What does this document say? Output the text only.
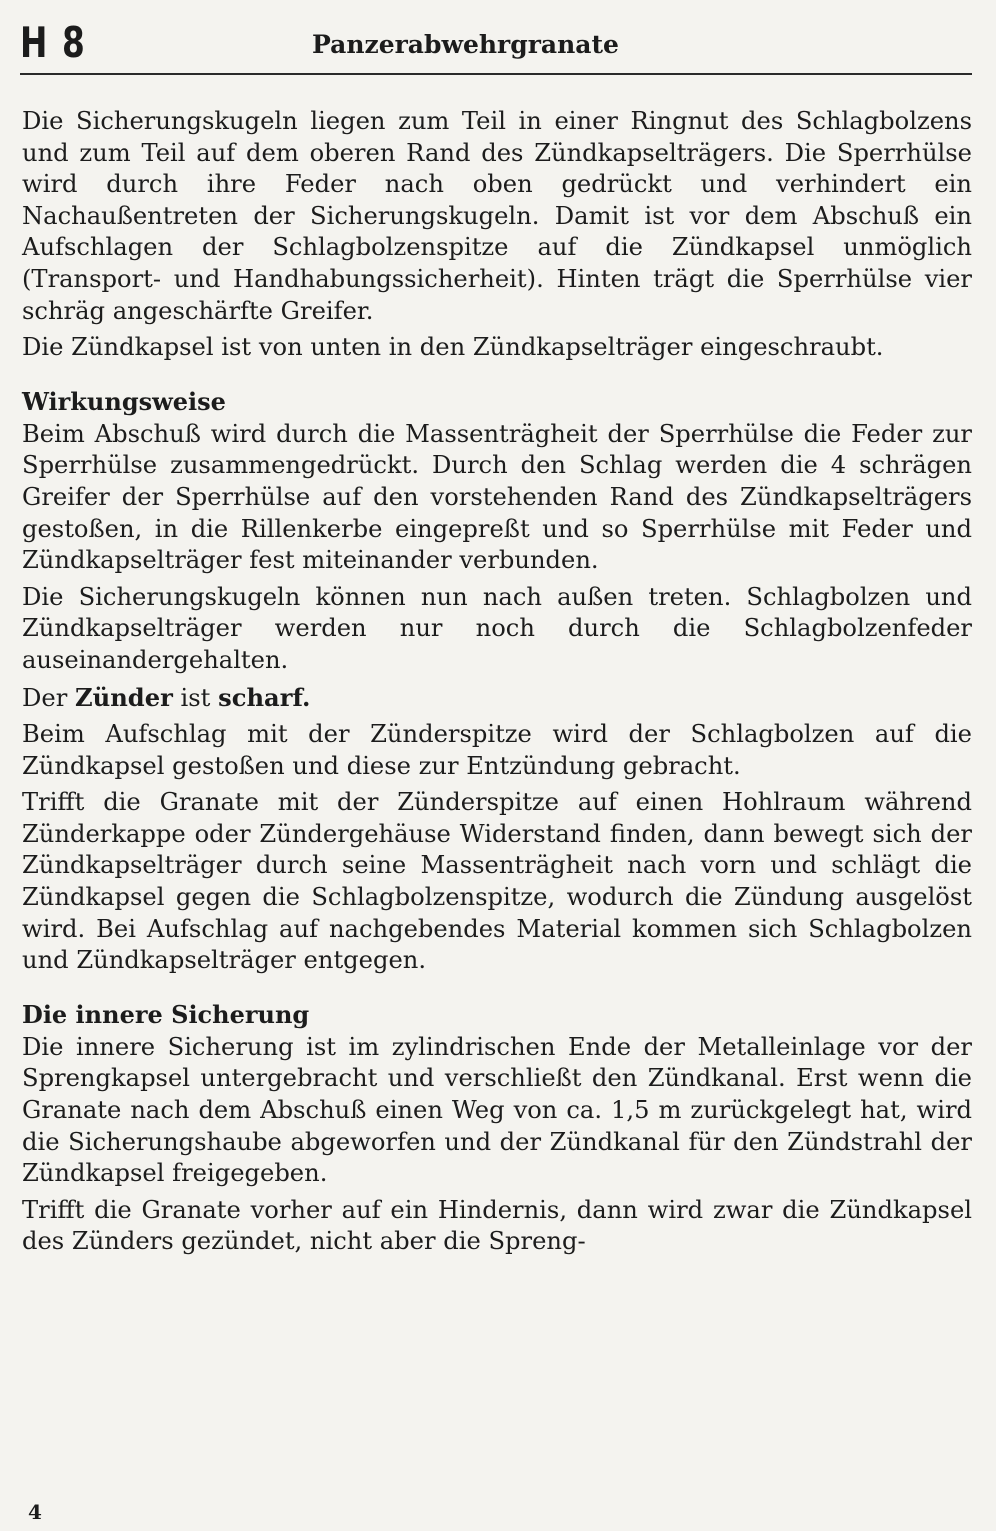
H 8	Panzerabwehrgranate

Die Sicherungskugeln liegen zum Teil in einer Ringnut des Schlagbolzens und zum Teil auf dem oberen Rand des Zündkapselträgers. Die Sperrhülse wird durch ihre Feder nach oben gedrückt und verhindert ein Nachaußentreten der Sicherungskugeln. Damit ist vor dem Abschuß ein Aufschlagen der Schlagbolzenspitze auf die Zündkapsel unmöglich (Transport- und Handhabungssicherheit). Hinten trägt die Sperrhülse vier schräg angeschärfte Greifer.

Die Zündkapsel ist von unten in den Zündkapselträger eingeschraubt.

Wirkungsweise

Beim Abschuß wird durch die Massenträgheit der Sperrhülse die Feder zur Sperrhülse zusammengedrückt. Durch den Schlag werden die 4 schrägen Greifer der Sperrhülse auf den vorstehenden Rand des Zündkapselträgers gestoßen, in die Rillenkerbe eingepreßt und so Sperrhülse mit Feder und Zündkapselträger fest miteinander verbunden.

Die Sicherungskugeln können nun nach außen treten. Schlagbolzen und Zündkapselträger werden nur noch durch die Schlagbolzenfeder auseinandergehalten.

Der Zünder ist scharf.

Beim Aufschlag mit der Zünderspitze wird der Schlagbolzen auf die Zündkapsel gestoßen und diese zur Entzündung gebracht.

Trifft die Granate mit der Zünderspitze auf einen Hohlraum während Zünderkappe oder Zündergehäuse Widerstand finden, dann bewegt sich der Zündkapselträger durch seine Massenträgheit nach vorn und schlägt die Zündkapsel gegen die Schlagbolzenspitze, wodurch die Zündung ausgelöst wird. Bei Aufschlag auf nachgebendes Material kommen sich Schlagbolzen und Zündkapselträger entgegen.

Die innere Sicherung

Die innere Sicherung ist im zylindrischen Ende der Metalleinlage vor der Sprengkapsel untergebracht und verschließt den Zündkanal. Erst wenn die Granate nach dem Abschuß einen Weg von ca. 1,5 m zurückgelegt hat, wird die Sicherungshaube abgeworfen und der Zündkanal für den Zündstrahl der Zündkapsel freigegeben.

Trifft die Granate vorher auf ein Hindernis, dann wird zwar die Zündkapsel des Zünders gezündet, nicht aber die Spreng-

4
